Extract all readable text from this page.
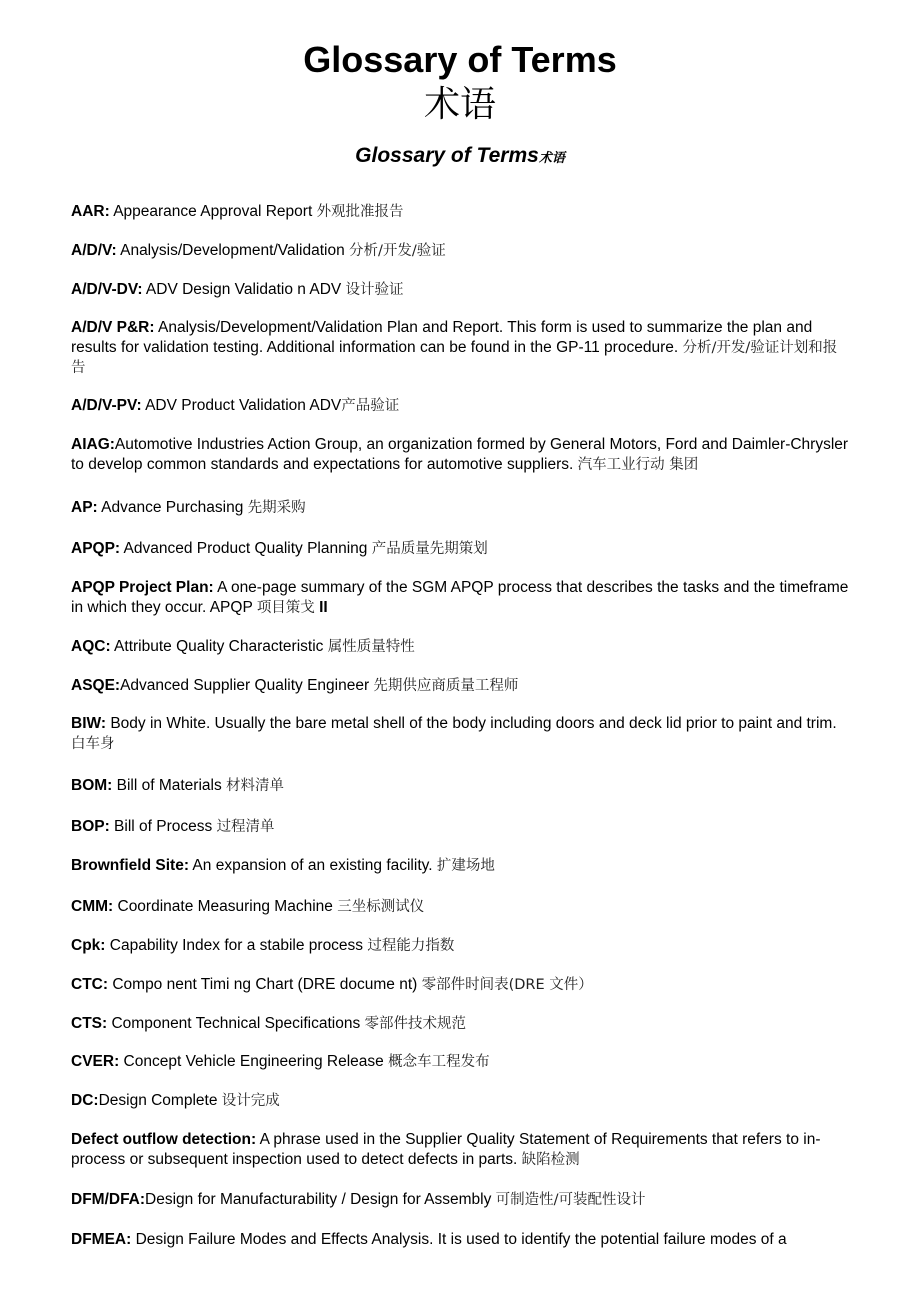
Glossary of Terms
术语
Glossary of Terms术语
AAR: Appearance Approval Report 外观批准报告
A/D/V: Analysis/Development/Validation 分析/开发/验证
A/D/V-DV: ADV Design Validatio n ADV 设计验证
A/D/V P&R: Analysis/Development/Validation Plan and Report. This form is used to summarize the plan and results for validation testing. Additional information can be found in the GP-11 procedure. 分析/开发/验证计划和报告
A/D/V-PV: ADV Product Validation ADV产品验证
AIAG:Automotive Industries Action Group, an organization formed by General Motors, Ford and Daimler-Chrysler to develop common standards and expectations for automotive suppliers. 汽车工业行动 集团
AP: Advance Purchasing 先期采购
APQP: Advanced Product Quality Planning 产品质量先期策划
APQP Project Plan: A one-page summary of the SGM APQP process that describes the tasks and the timeframe in which they occur. APQP 项目策戈 II
AQC: Attribute Quality Characteristic 属性质量特性
ASQE:Advanced Supplier Quality Engineer 先期供应商质量工程师
BIW: Body in White. Usually the bare metal shell of the body including doors and deck lid prior to paint and trim. 白车身
BOM: Bill of Materials 材料清单
BOP: Bill of Process 过程清单
Brownfield Site: An expansion of an existing facility. 扩建场地
CMM: Coordinate Measuring Machine 三坐标测试仪
Cpk: Capability Index for a stabile process 过程能力指数
CTC: Compo nent Timi ng Chart (DRE docume nt) 零部件时间表(DRE 文件）
CTS: Component Technical Specifications 零部件技术规范
CVER: Concept Vehicle Engineering Release 概念车工程发布
DC:Design Complete 设计完成
Defect outflow detection: A phrase used in the Supplier Quality Statement of Requirements that refers to in-process or subsequent inspection used to detect defects in parts. 缺陷检测
DFM/DFA:Design for Manufacturability / Design for Assembly 可制造性/可装配性设计
DFMEA: Design Failure Modes and Effects Analysis. It is used to identify the potential failure modes of a
